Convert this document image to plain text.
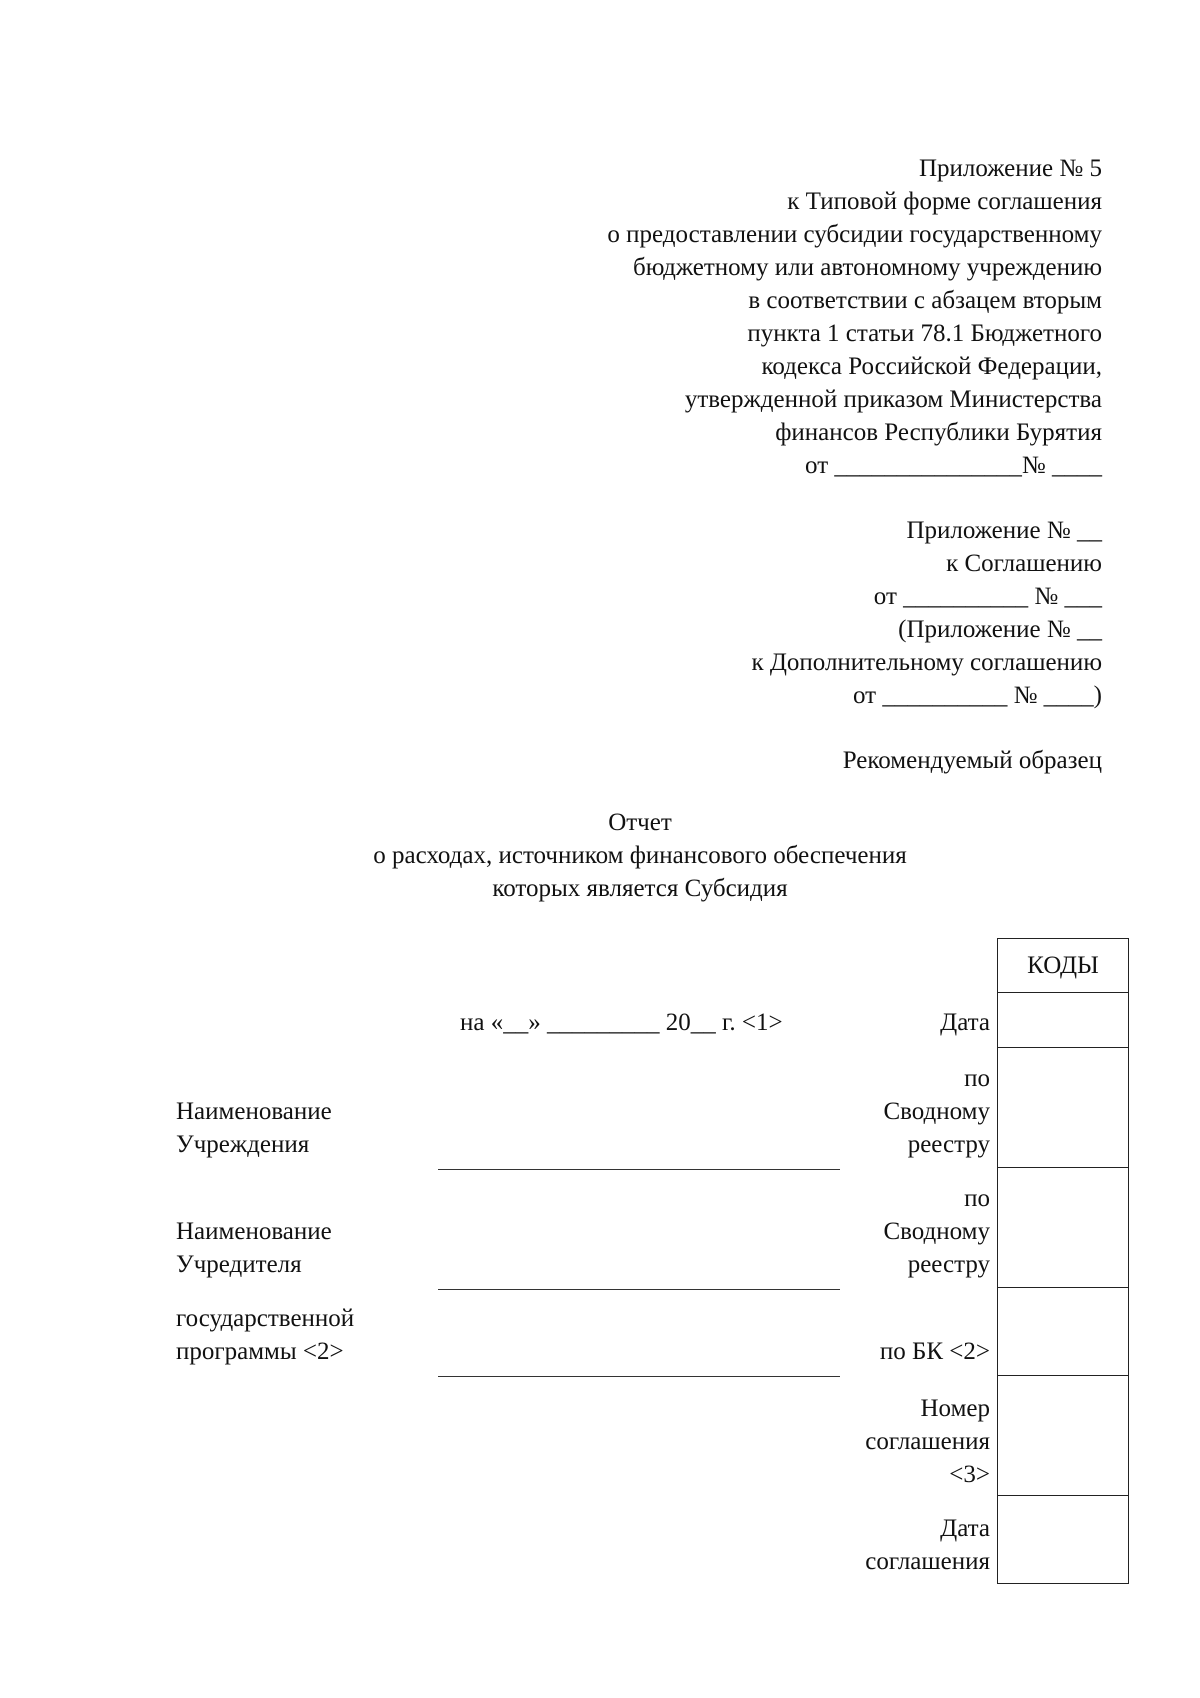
Приложение № 5
к Типовой форме соглашения
о предоставлении субсидии государственному
бюджетному или автономному учреждению
в соответствии с абзацем вторым
пункта 1 статьи 78.1 Бюджетного
кодекса Российской Федерации,
утвержденной приказом Министерства
финансов Республики Бурятия
от _______________№ ____
Приложение № __
к Соглашению
от __________ № ___
(Приложение № __
к Дополнительному соглашению
от __________ № ____)
Рекомендуемый образец
Отчет
о расходах, источником финансового обеспечения
которых является Субсидия
на «__» _________ 20__ г. <1>
КОДЫ
Дата
по
Сводному
реестру
по
Сводному
реестру
по БК <2>
Номер
соглашения
<3>
Дата
соглашения
Наименование
Учреждения
Наименование
Учредителя
государственной
программы <2>
